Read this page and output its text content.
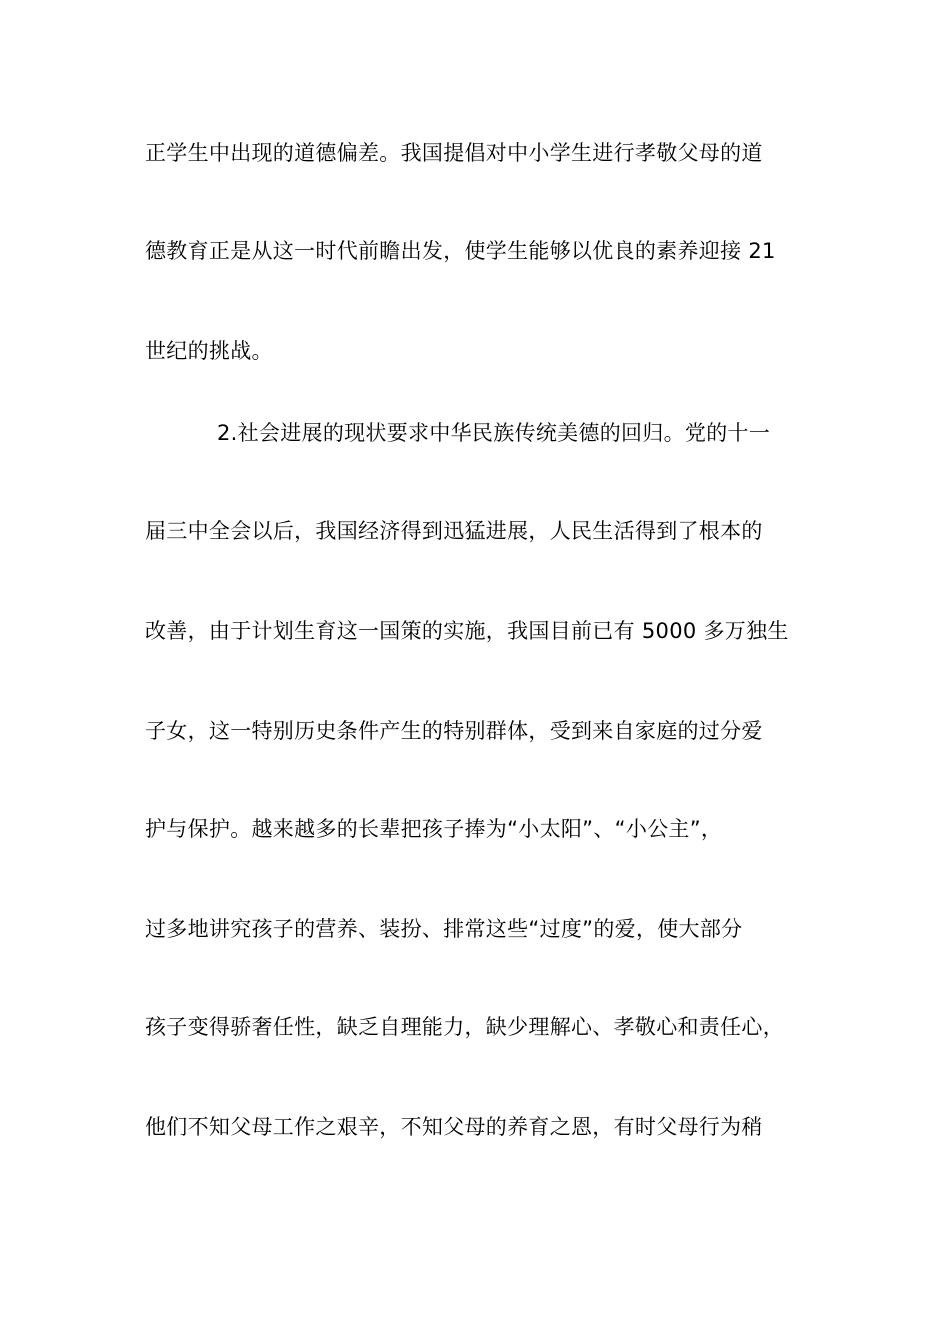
正学生中出现的道德偏差。我国提倡对中小学生进行孝敬父母的道
德教育正是从这一时代前瞻出发，使学生能够以优良的素养迎接 21
世纪的挑战。
2.社会进展的现状要求中华民族传统美德的回归。党的十一
届三中全会以后，我国经济得到迅猛进展，人民生活得到了根本的
改善，由于计划生育这一国策的实施，我国目前已有 5000 多万独生
子女，这一特别历史条件产生的特别群体，受到来自家庭的过分爱
护与保护。越来越多的长辈把孩子捧为“小太阳”、“小公主”，
过多地讲究孩子的营养、装扮、排常这些“过度”的爱，使大部分
孩子变得骄奢任性，缺乏自理能力，缺少理解心、孝敬心和责任心，
他们不知父母工作之艰辛，不知父母的养育之恩，有时父母行为稍
